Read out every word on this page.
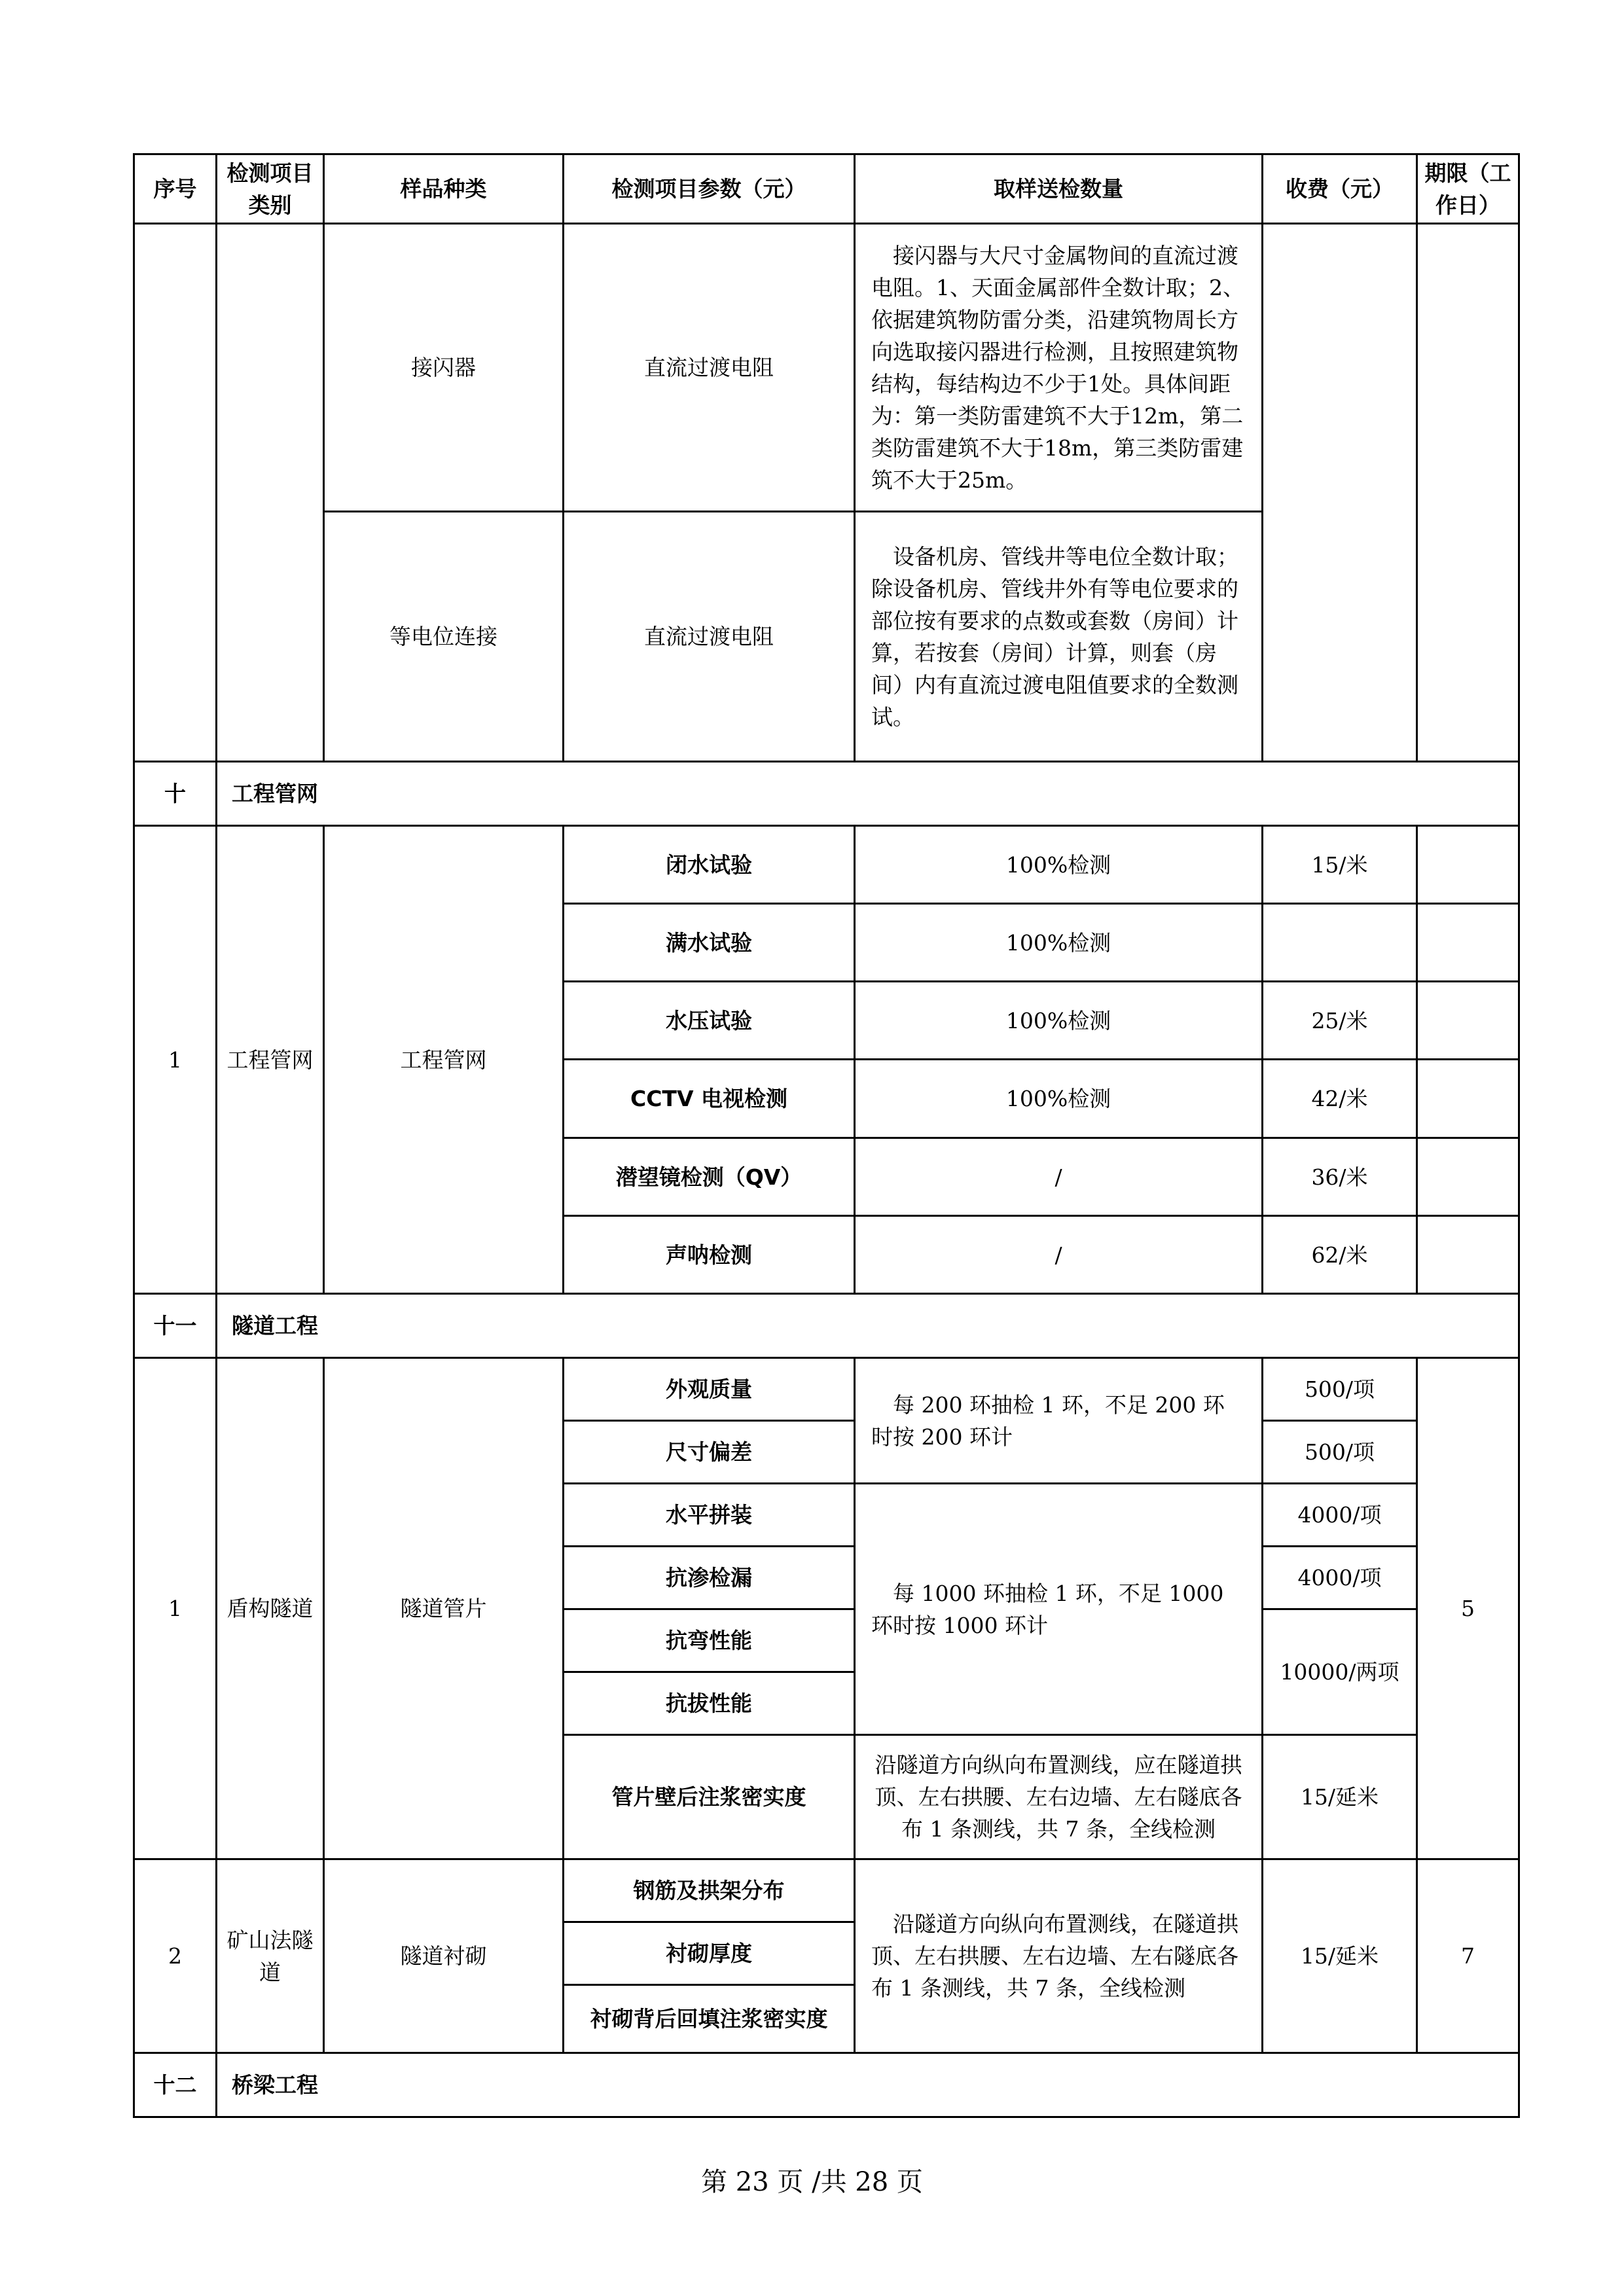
序号	检测项目类别	样品种类	检测项目参数（元）	取样送检数量	收费（元）	期限（工作日）
		接闪器	直流过渡电阻	接闪器与大尺寸金属物间的直流过渡电阻。1、天面金属部件全数计取；2、依据建筑物防雷分类，沿建筑物周长方向选取接闪器进行检测，且按照建筑物结构，每结构边不少于1处。具体间距为：第一类防雷建筑不大于12m，第二类防雷建筑不大于18m，第三类防雷建筑不大于25m。		
		等电位连接	直流过渡电阻	设备机房、管线井等电位全数计取；除设备机房、管线井外有等电位要求的部位按有要求的点数或套数（房间）计算，若按套（房间）计算，则套（房间）内有直流过渡电阻值要求的全数测试。		
十	工程管网					
1	工程管网	工程管网	闭水试验	100%检测	15/米	
			满水试验	100%检测		
			水压试验	100%检测	25/米	
			CCTV 电视检测	100%检测	42/米	
			潜望镜检测（QV）	/	36/米	
			声呐检测	/	62/米	
十一	隧道工程					
1	盾构隧道	隧道管片	外观质量	每 200 环抽检 1 环，不足 200 环时按 200 环计	500/项	5
			尺寸偏差		500/项	
			水平拼装	每 1000 环抽检 1 环，不足 1000 环时按 1000 环计	4000/项	
			抗渗检漏		4000/项	
			抗弯性能		10000/两项	
			抗拔性能			
			管片壁后注浆密实度	沿隧道方向纵向布置测线，应在隧道拱顶、左右拱腰、左右边墙、左右隧底各布 1 条测线，共 7 条，全线检测	15/延米	
2	矿山法隧道	隧道衬砌	钢筋及拱架分布	沿隧道方向纵向布置测线，在隧道拱顶、左右拱腰、左右边墙、左右隧底各布 1 条测线，共 7 条，全线检测	15/延米	7
			衬砌厚度			
			衬砌背后回填注浆密实度			
十二	桥梁工程					
第 23 页 /共 28 页
